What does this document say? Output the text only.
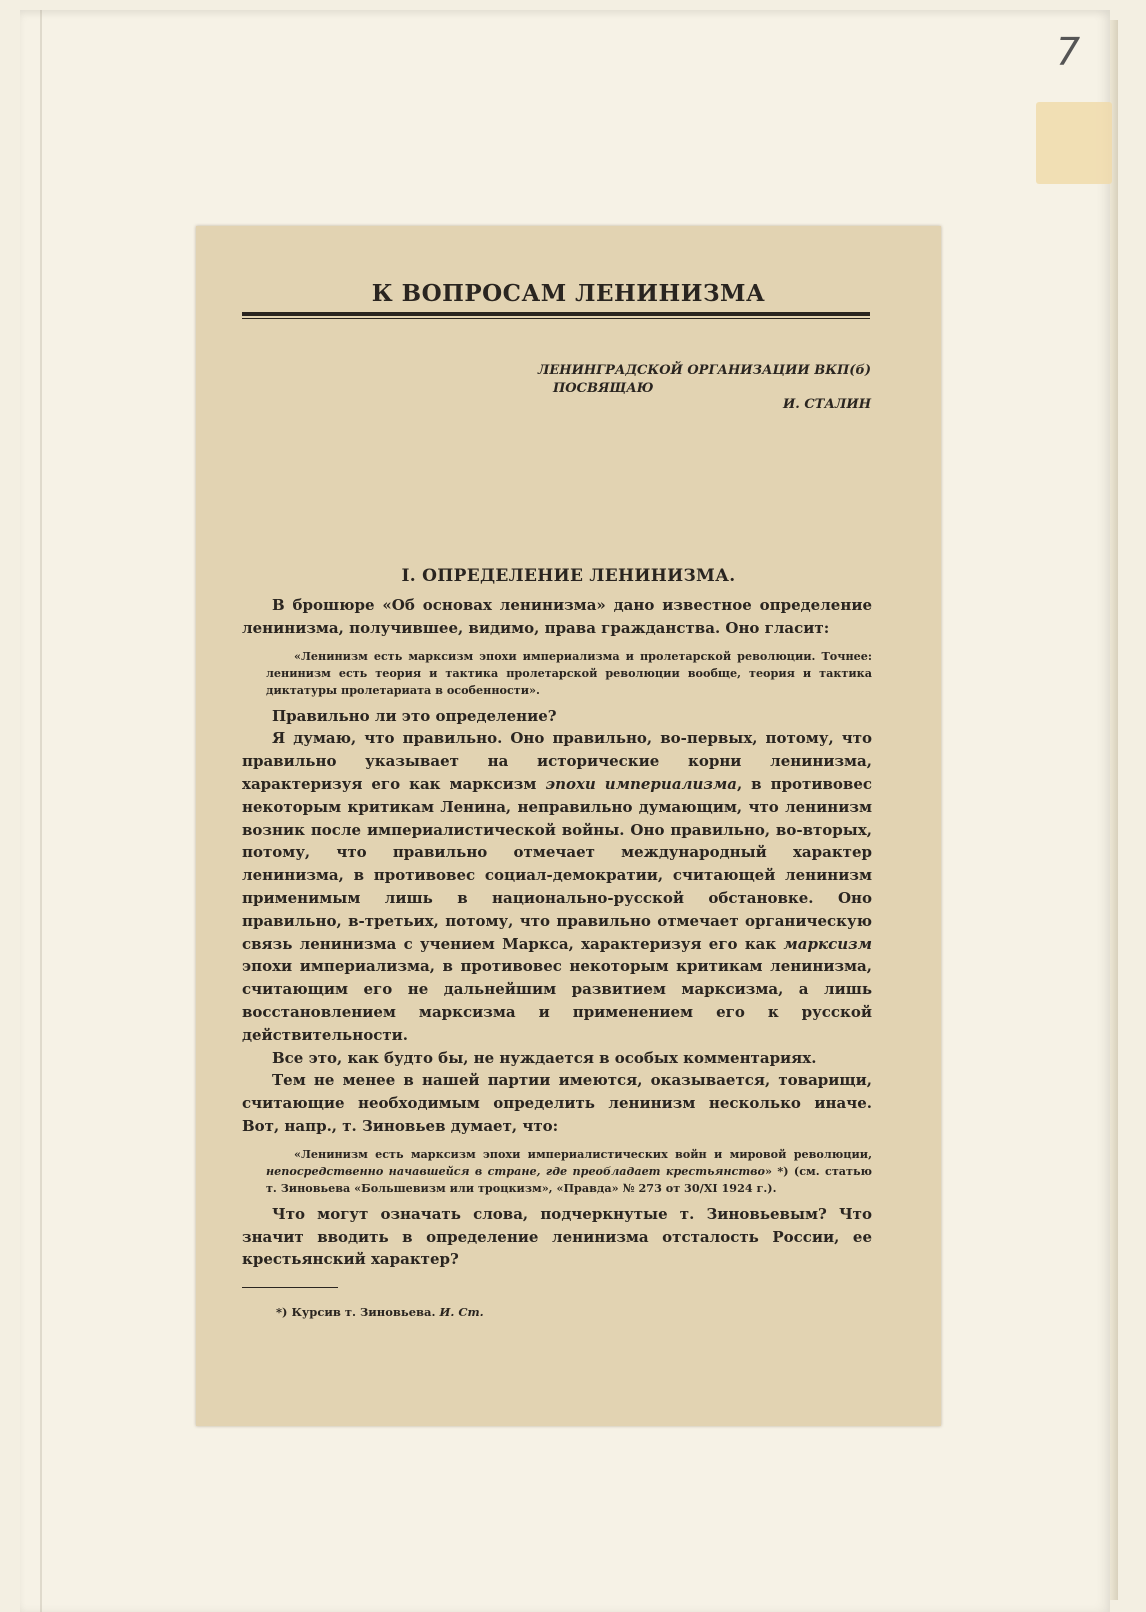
7
К ВОПРОСАМ ЛЕНИНИЗМА
ЛЕНИНГРАДСКОЙ ОРГАНИЗАЦИИ ВКП(б)
ПОСВЯЩАЮ
И. СТАЛИН
I. ОПРЕДЕЛЕНИЕ ЛЕНИНИЗМА.

В брошюре «Об основах ленинизма» дано известное определение ленинизма, получившее, видимо, права гражданства. Оно гласит:

«Ленинизм есть марксизм эпохи империализма и пролетарской революции. Точнее: ленинизм есть теория и тактика пролетарской революции вообще, теория и тактика диктатуры пролетариата в особенности».

Правильно ли это определение?

Я думаю, что правильно. Оно правильно, во-первых, потому, что правильно указывает на исторические корни ленинизма, характеризуя его как марксизм эпохи империализма, в противовес некоторым критикам Ленина, неправильно думающим, что ленинизм возник после империалистической войны. Оно правильно, во-вторых, потому, что правильно отмечает международный характер ленинизма, в противовес социал-демократии, считающей ленинизм применимым лишь в национально-русской обстановке. Оно правильно, в-третьих, потому, что правильно отмечает органическую связь ленинизма с учением Маркса, характеризуя его как марксизм эпохи империализма, в противовес некоторым критикам ленинизма, считающим его не дальнейшим развитием марксизма, а лишь восстановлением марксизма и применением его к русской действительности.

Все это, как будто бы, не нуждается в особых комментариях.

Тем не менее в нашей партии имеются, оказывается, товарищи, считающие необходимым определить ленинизм несколько иначе. Вот, напр., т. Зиновьев думает, что:

«Ленинизм есть марксизм эпохи империалистических войн и мировой революции, непосредственно начавшейся в стране, где преобладает крестьянство» *) (см. статью т. Зиновьева «Большевизм или троцкизм», «Правда» № 273 от 30/XI 1924 г.).

Что могут означать слова, подчеркнутые т. Зиновьевым? Что значит вводить в определение ленинизма отсталость России, ее крестьянский характер?

*) Курсив т. Зиновьева. И. Ст.
